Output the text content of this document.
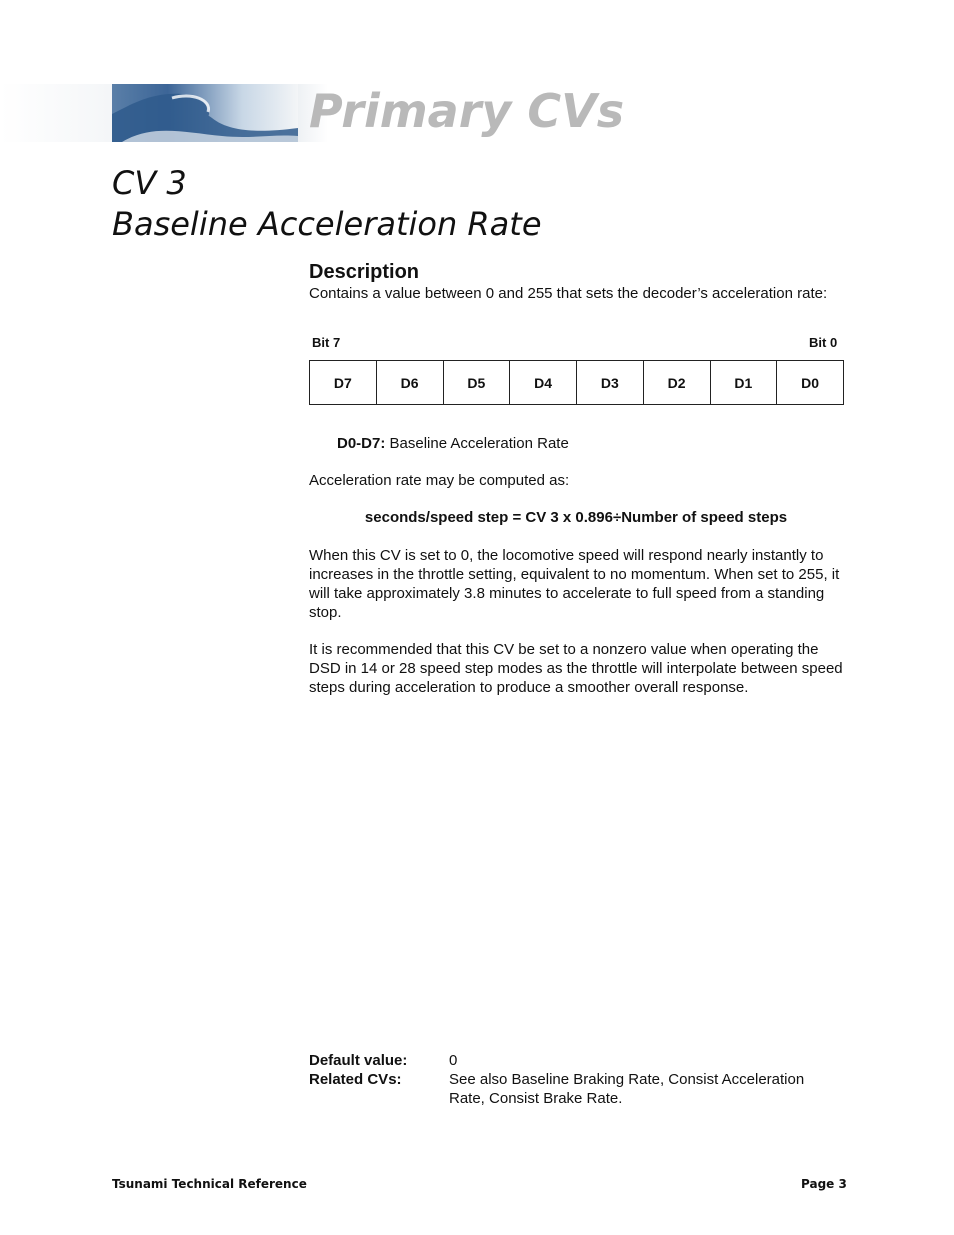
Primary CVs
CV 3
Baseline Acceleration Rate
Description
Contains a value between 0 and 255 that sets the decoder’s acceleration rate:
Bit 7	Bit 0
D7	D6	D5	D4	D3	D2	D1	D0
D0-D7: Baseline Acceleration Rate
Acceleration rate may be computed as:
seconds/speed step = CV 3 x 0.896÷Number of speed steps
When this CV is set to 0, the locomotive speed will respond nearly instantly to increases in the throttle setting, equivalent to no momentum. When set to 255, it will take approximately 3.8 minutes to accelerate to full speed from a standing stop.
It is recommended that this CV be set to a nonzero value when operating the DSD in 14 or 28 speed step modes as the throttle will interpolate between speed steps during acceleration to produce a smoother overall response.
Default value:	0
Related CVs:	See also Baseline Braking Rate, Consist Acceleration Rate, Consist Brake Rate.
Tsunami Technical Reference	Page 3
